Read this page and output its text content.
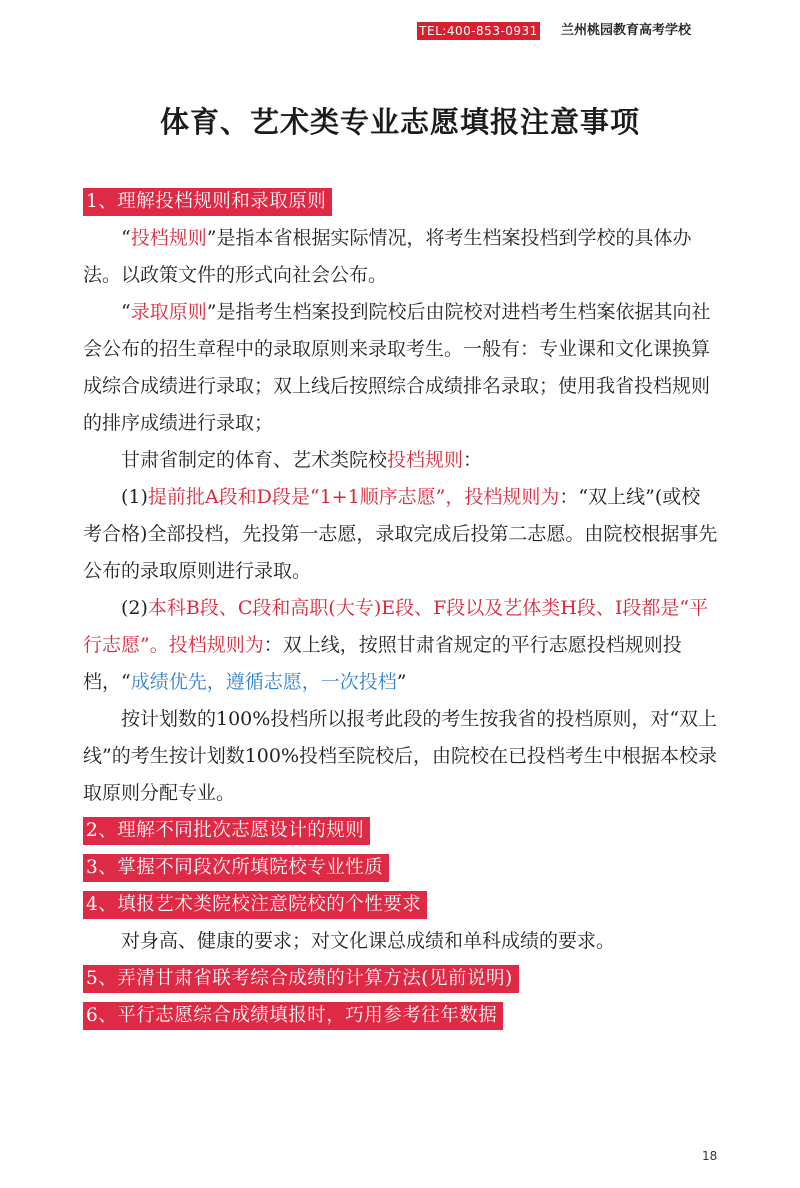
TEL:400-853-0931 兰州桃园教育高考学校
体育、艺术类专业志愿填报注意事项
1、理解投档规则和录取原则

“投档规则”是指本省根据实际情况，将考生档案投档到学校的具体办法。以政策文件的形式向社会公布。

“录取原则”是指考生档案投到院校后由院校对进档考生档案依据其向社会公布的招生章程中的录取原则来录取考生。一般有：专业课和文化课换算成综合成绩进行录取；双上线后按照综合成绩排名录取；使用我省投档规则的排序成绩进行录取；

甘肃省制定的体育、艺术类院校投档规则：

(1)提前批A段和D段是“1+1顺序志愿”，投档规则为：“双上线”(或校考合格)全部投档，先投第一志愿，录取完成后投第二志愿。由院校根据事先公布的录取原则进行录取。

(2)本科B段、C段和高职(大专)E段、F段以及艺体类H段、I段都是“平行志愿”。投档规则为：双上线，按照甘肃省规定的平行志愿投档规则投档，“成绩优先，遵循志愿，一次投档”

按计划数的100%投档所以报考此段的考生按我省的投档原则，对“双上线”的考生按计划数100%投档至院校后，由院校在已投档考生中根据本校录取原则分配专业。

2、理解不同批次志愿设计的规则
3、掌握不同段次所填院校专业性质
4、填报艺术类院校注意院校的个性要求

对身高、健康的要求；对文化课总成绩和单科成绩的要求。

5、弄清甘肃省联考综合成绩的计算方法(见前说明)
6、平行志愿综合成绩填报时，巧用参考往年数据
18
